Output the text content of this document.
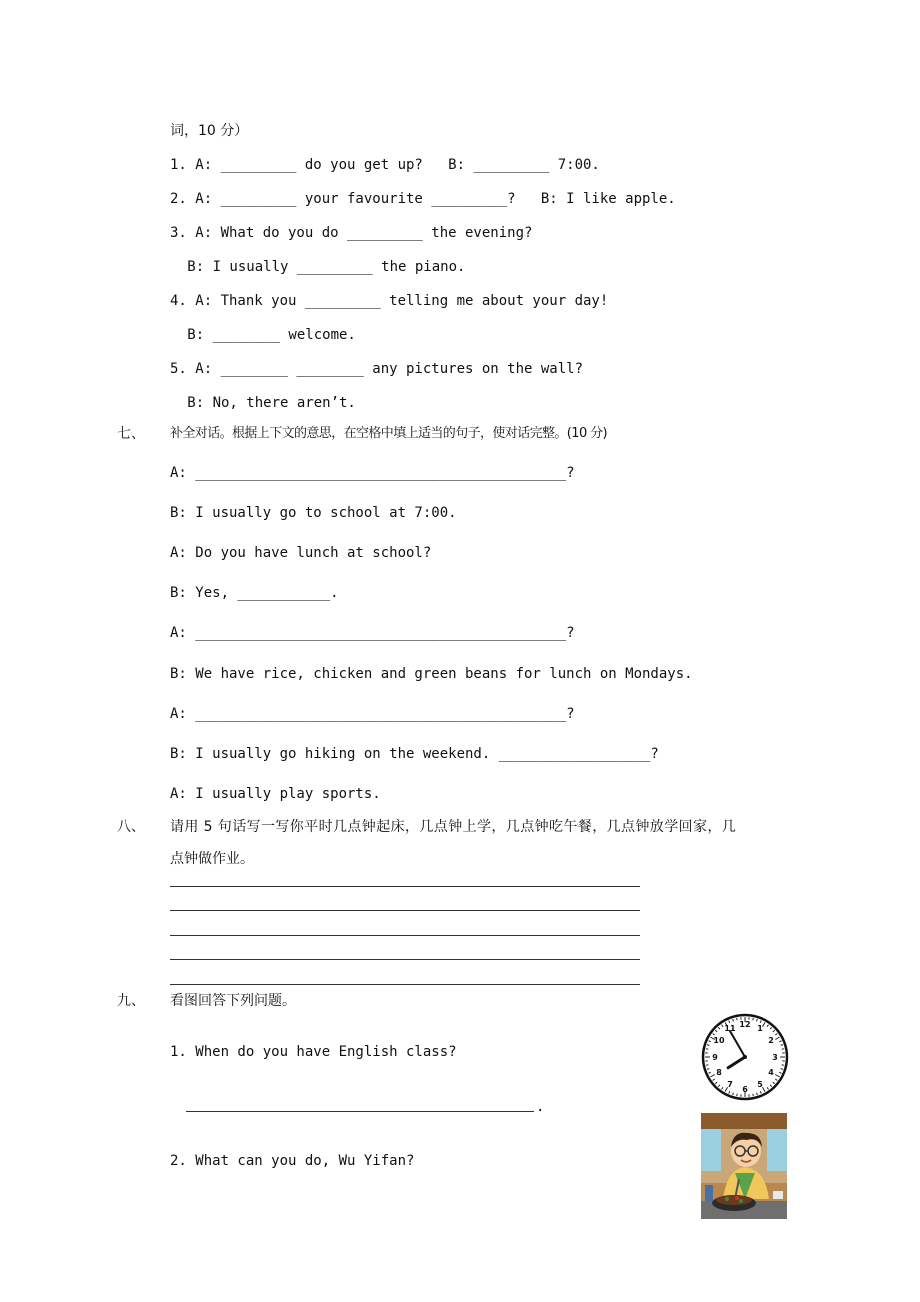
词，10 分）
1. A: _________ do you get up?   B: _________ 7:00.
2. A: _________ your favourite _________?   B: I like apple.
3. A: What do you do _________ the evening?
B: I usually _________ the piano.
4. A: Thank you _________ telling me about your day!
B: ________ welcome.
5. A: ________ ________ any pictures on the wall?
B: No, there aren’t.
七、 补全对话。根据上下文的意思，在空格中填上适当的句子，使对话完整。(10 分)
A: ____________________________________________?
B: I usually go to school at 7:00.
A: Do you have lunch at school?
B: Yes, ___________.
A: ____________________________________________?
B: We have rice, chicken and green beans for lunch on Mondays.
A: ____________________________________________?
B: I usually go hiking on the weekend. __________________?
A: I usually play sports.
八、 请用 5 句话写一写你平时几点钟起床，几点钟上学，几点钟吃午餐，几点钟放学回家，几
点钟做作业。
九、 看图回答下列问题。
1. When do you have English class?
.
2. What can you do, Wu Yifan?
12 1
2
3
4
5
6
7
8
9
10
11
